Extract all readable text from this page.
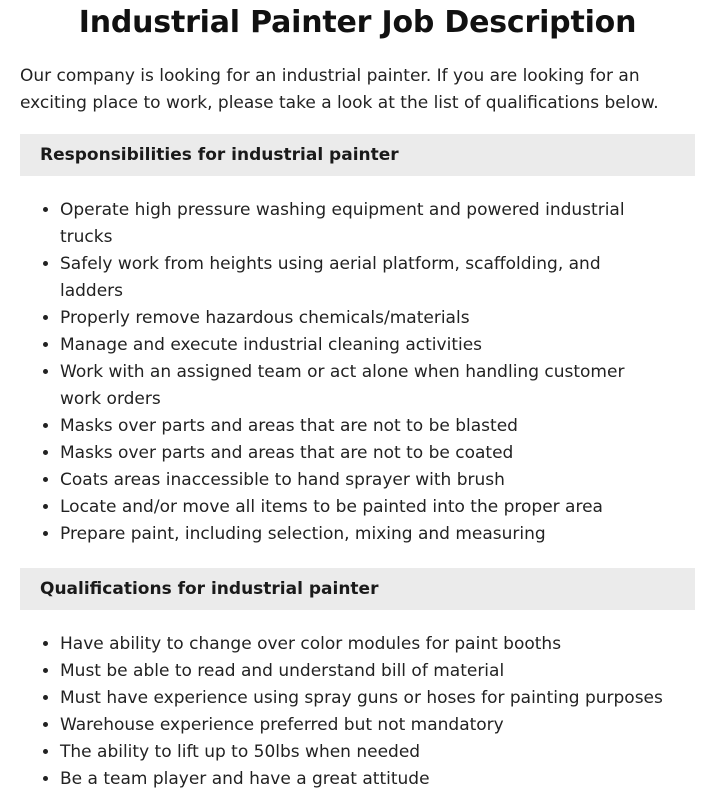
Industrial Painter Job Description

Our company is looking for an industrial painter. If you are looking for an exciting place to work, please take a look at the list of qualifications below.

Responsibilities for industrial painter
• Operate high pressure washing equipment and powered industrial trucks
• Safely work from heights using aerial platform, scaffolding, and ladders
• Properly remove hazardous chemicals/materials
• Manage and execute industrial cleaning activities
• Work with an assigned team or act alone when handling customer work orders
• Masks over parts and areas that are not to be blasted
• Masks over parts and areas that are not to be coated
• Coats areas inaccessible to hand sprayer with brush
• Locate and/or move all items to be painted into the proper area
• Prepare paint, including selection, mixing and measuring
Qualifications for industrial painter
• Have ability to change over color modules for paint booths
• Must be able to read and understand bill of material
• Must have experience using spray guns or hoses for painting purposes
• Warehouse experience preferred but not mandatory
• The ability to lift up to 50lbs when needed
• Be a team player and have a great attitude
